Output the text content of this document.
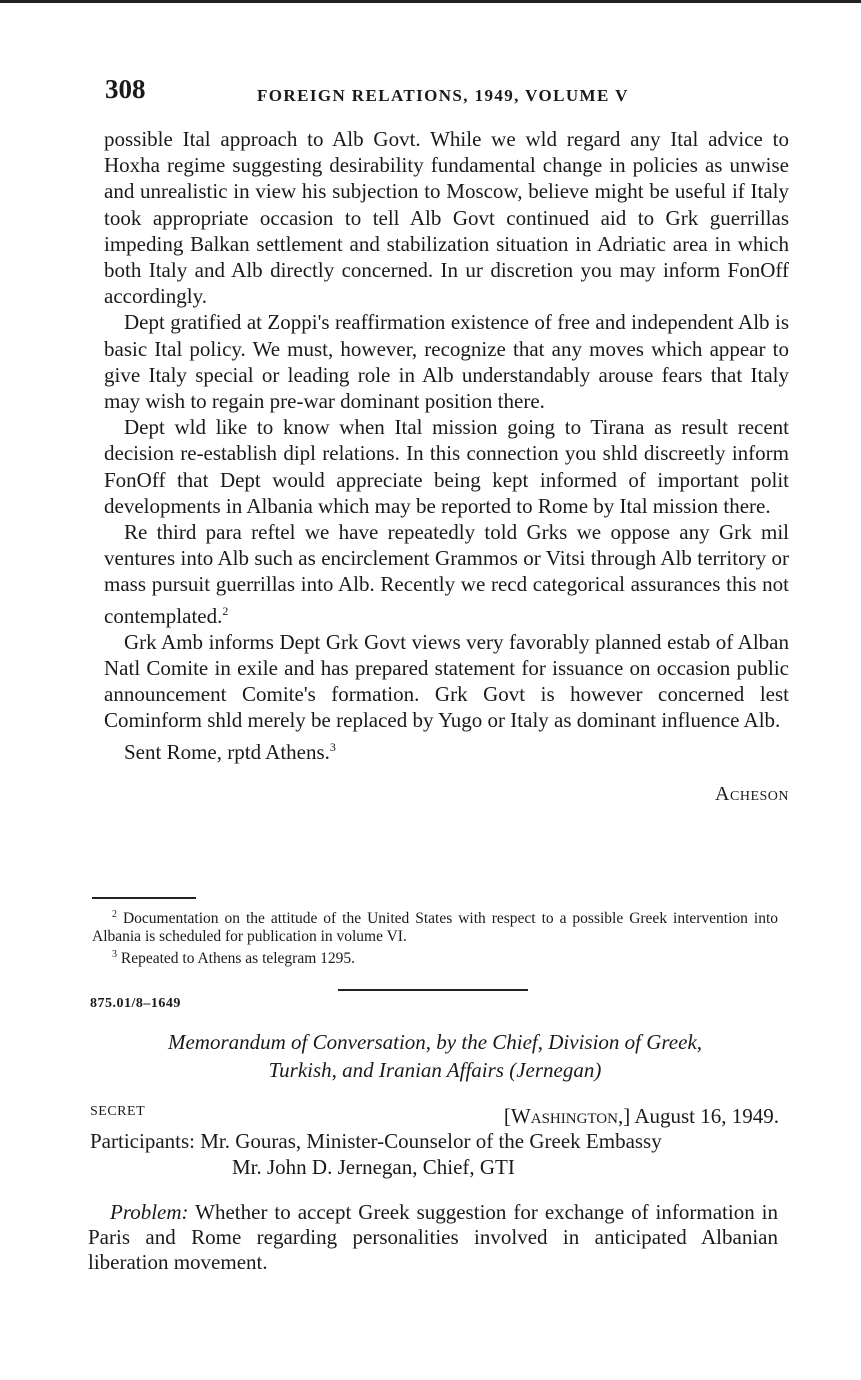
308	FOREIGN RELATIONS, 1949, VOLUME V

possible Ital approach to Alb Govt. While we wld regard any Ital advice to Hoxha regime suggesting desirability fundamental change in policies as unwise and unrealistic in view his subjection to Moscow, believe might be useful if Italy took appropriate occasion to tell Alb Govt continued aid to Grk guerrillas impeding Balkan settlement and stabilization situation in Adriatic area in which both Italy and Alb directly concerned. In ur discretion you may inform FonOff accordingly.

Dept gratified at Zoppi's reaffirmation existence of free and independent Alb is basic Ital policy. We must, however, recognize that any moves which appear to give Italy special or leading role in Alb understandably arouse fears that Italy may wish to regain pre-war dominant position there.

Dept wld like to know when Ital mission going to Tirana as result recent decision re-establish dipl relations. In this connection you shld discreetly inform FonOff that Dept would appreciate being kept informed of important polit developments in Albania which may be reported to Rome by Ital mission there.

Re third para reftel we have repeatedly told Grks we oppose any Grk mil ventures into Alb such as encirclement Grammos or Vitsi through Alb territory or mass pursuit guerrillas into Alb. Recently we recd categorical assurances this not contemplated.$^2$

Grk Amb informs Dept Grk Govt views very favorably planned estab of Alban Natl Comite in exile and has prepared statement for issuance on occasion public announcement Comite's formation. Grk Govt is however concerned lest Cominform shld merely be replaced by Yugo or Italy as dominant influence Alb.

Sent Rome, rptd Athens.$^3$

Acheson

$^2$ Documentation on the attitude of the United States with respect to a possible Greek intervention into Albania is scheduled for publication in volume VI.

$^3$ Repeated to Athens as telegram 1295.

875.01/8–1649
Memorandum of Conversation, by the Chief, Division of Greek,
Turkish, and Iranian Affairs (Jernegan)
SECRET	[Washington,] August 16, 1949.
Participants: Mr. Gouras, Minister-Counselor of the Greek Embassy
Mr. John D. Jernegan, Chief, GTI
Problem: Whether to accept Greek suggestion for exchange of information in Paris and Rome regarding personalities involved in anticipated Albanian liberation movement.
